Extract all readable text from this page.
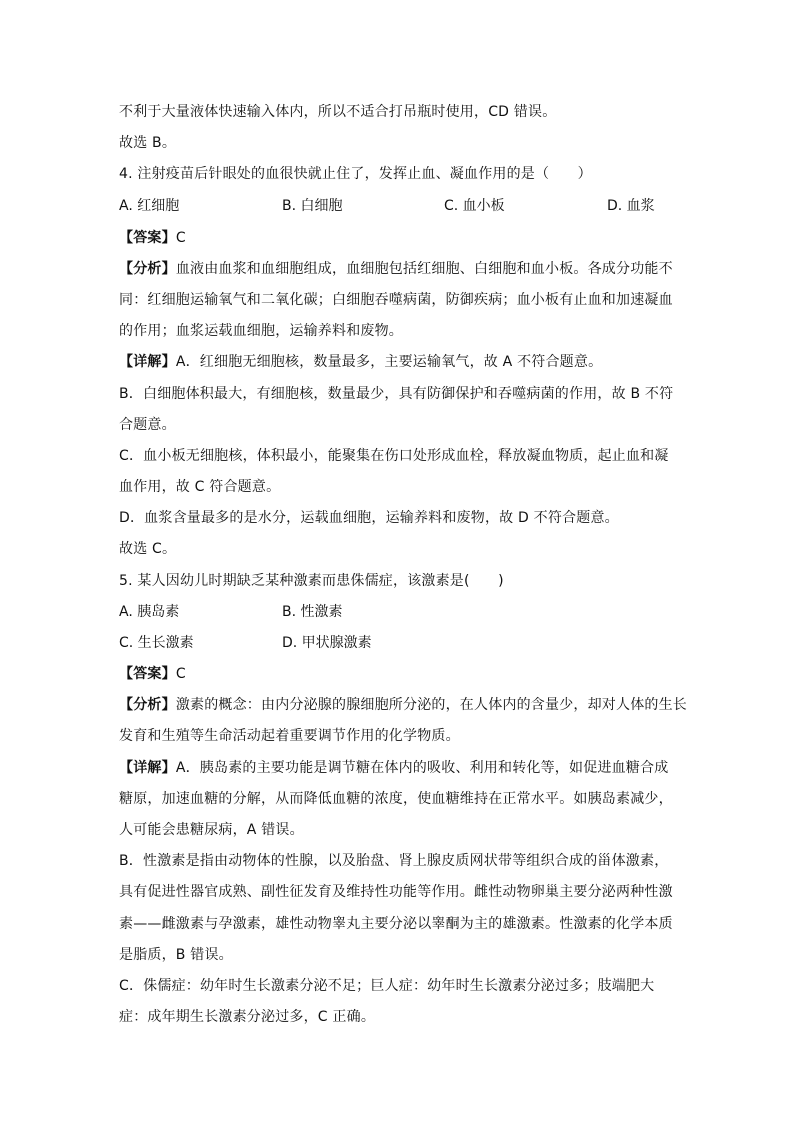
不利于大量液体快速输入体内，所以不适合打吊瓶时使用，CD 错误。
故选 B。
4. 注射疫苗后针眼处的血很快就止住了，发挥止血、凝血作用的是（　　）
A. 红细胞	B. 白细胞	C. 血小板	D. 血浆
【答案】C
【分析】血液由血浆和血细胞组成，血细胞包括红细胞、白细胞和血小板。各成分功能不
同：红细胞运输氧气和二氧化碳；白细胞吞噬病菌，防御疾病；血小板有止血和加速凝血
的作用；血浆运载血细胞，运输养料和废物。
【详解】A．红细胞无细胞核，数量最多，主要运输氧气，故 A 不符合题意。
B．白细胞体积最大，有细胞核，数量最少，具有防御保护和吞噬病菌的作用，故 B 不符
合题意。
C．血小板无细胞核，体积最小，能聚集在伤口处形成血栓，释放凝血物质，起止血和凝
血作用，故 C 符合题意。
D．血浆含量最多的是水分，运载血细胞，运输养料和废物，故 D 不符合题意。
故选 C。
5. 某人因幼儿时期缺乏某种激素而患侏儒症，该激素是(　　)
A. 胰岛素	B. 性激素
C. 生长激素	D. 甲状腺激素
【答案】C
【分析】激素的概念：由内分泌腺的腺细胞所分泌的，在人体内的含量少，却对人体的生长
发育和生殖等生命活动起着重要调节作用的化学物质。
【详解】A．胰岛素的主要功能是调节糖在体内的吸收、利用和转化等，如促进血糖合成
糖原，加速血糖的分解，从而降低血糖的浓度，使血糖维持在正常水平。如胰岛素减少，
人可能会患糖尿病，A 错误。
B．性激素是指由动物体的性腺，以及胎盘、肾上腺皮质网状带等组织合成的甾体激素，
具有促进性器官成熟、副性征发育及维持性功能等作用。雌性动物卵巢主要分泌两种性激
素——雌激素与孕激素，雄性动物睾丸主要分泌以睾酮为主的雄激素。性激素的化学本质
是脂质，B 错误。
C．侏儒症：幼年时生长激素分泌不足；巨人症：幼年时生长激素分泌过多；肢端肥大
症：成年期生长激素分泌过多，C 正确。
